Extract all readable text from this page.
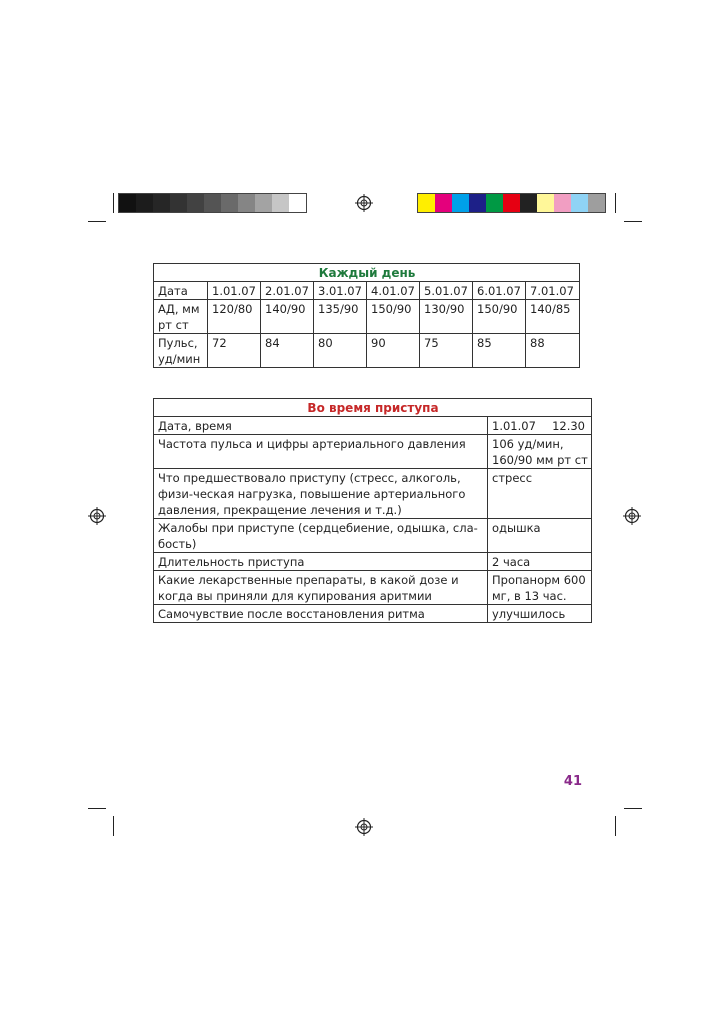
Каждый день							
Дата	1.01.07	2.01.07	3.01.07	4.01.07	5.01.07	6.01.07	7.01.07
АД, мм рт ст	120/80	140/90	135/90	150/90	130/90	150/90	140/85
Пульс, уд/мин	72	84	80	90	75	85	88
Во время приступа	
Дата, время	1.01.07 12.30

Частота пульса и цифры артериального давления	106 уд/мин, 160/90 мм рт ст
Что предшествовало приступу (стресс, алкоголь, физи-ческая нагрузка, повышение артериального давления, прекращение лечения и т.д.)	стресс
Жалобы при приступе (сердцебиение, одышка, сла-бость)	одышка
Длительность приступа	2 часа
Какие лекарственные препараты, в какой дозе и когда вы приняли для купирования аритмии	Пропанорм 600 мг, в 13 час.
Самочувствие после восстановления ритма	улучшилось
41
